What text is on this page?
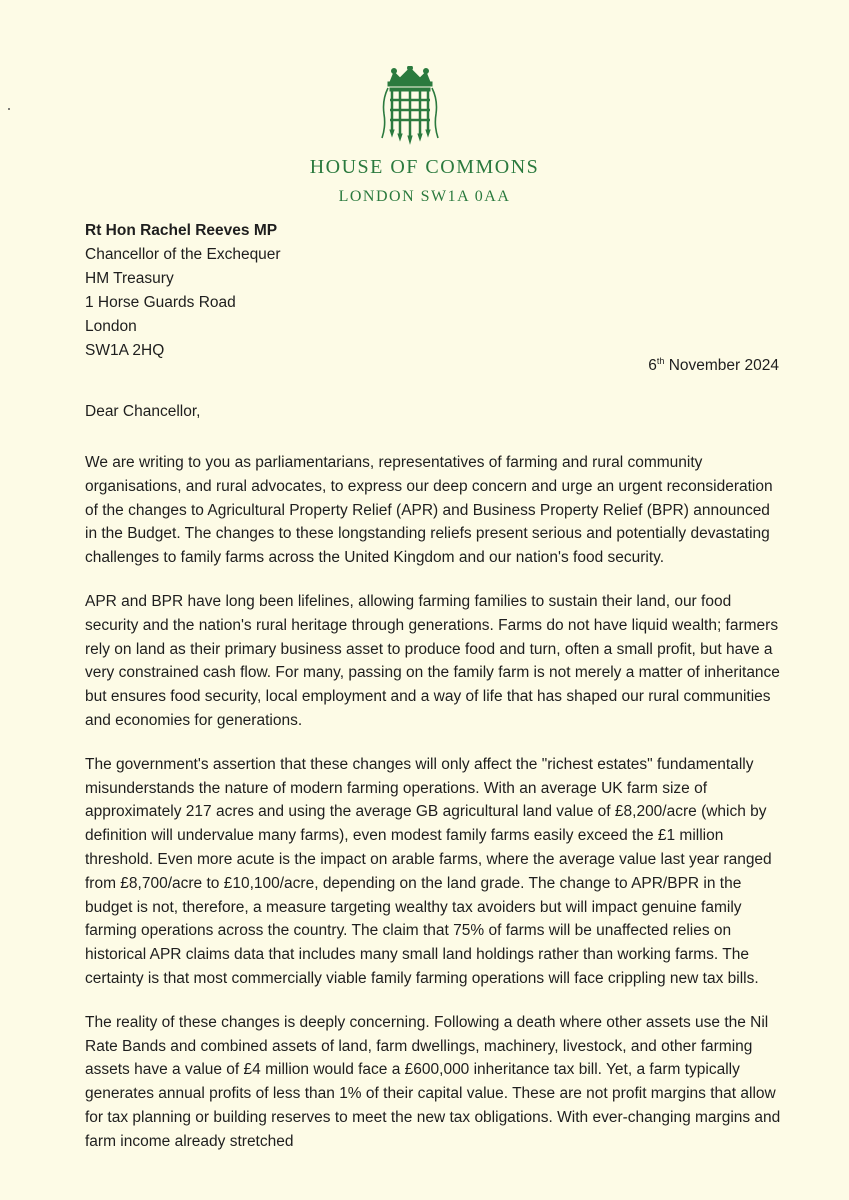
HOUSE OF COMMONS

LONDON SW1A 0AA

Rt Hon Rachel Reeves MP
Chancellor of the Exchequer
HM Treasury
1 Horse Guards Road
London
SW1A 2HQ
6th November 2024
Dear Chancellor,

We are writing to you as parliamentarians, representatives of farming and rural community organisations, and rural advocates, to express our deep concern and urge an urgent reconsideration of the changes to Agricultural Property Relief (APR) and Business Property Relief (BPR) announced in the Budget. The changes to these longstanding reliefs present serious and potentially devastating challenges to family farms across the United Kingdom and our nation's food security.

APR and BPR have long been lifelines, allowing farming families to sustain their land, our food security and the nation's rural heritage through generations. Farms do not have liquid wealth; farmers rely on land as their primary business asset to produce food and turn, often a small profit, but have a very constrained cash flow. For many, passing on the family farm is not merely a matter of inheritance but ensures food security, local employment and a way of life that has shaped our rural communities and economies for generations.

The government's assertion that these changes will only affect the "richest estates" fundamentally misunderstands the nature of modern farming operations. With an average UK farm size of approximately 217 acres and using the average GB agricultural land value of £8,200/acre (which by definition will undervalue many farms), even modest family farms easily exceed the £1 million threshold. Even more acute is the impact on arable farms, where the average value last year ranged from £8,700/acre to £10,100/acre, depending on the land grade. The change to APR/BPR in the budget is not, therefore, a measure targeting wealthy tax avoiders but will impact genuine family farming operations across the country. The claim that 75% of farms will be unaffected relies on historical APR claims data that includes many small land holdings rather than working farms. The certainty is that most commercially viable family farming operations will face crippling new tax bills.

The reality of these changes is deeply concerning. Following a death where other assets use the Nil Rate Bands and combined assets of land, farm dwellings, machinery, livestock, and other farming assets have a value of £4 million would face a £600,000 inheritance tax bill. Yet, a farm typically generates annual profits of less than 1% of their capital value. These are not profit margins that allow for tax planning or building reserves to meet the new tax obligations. With ever-changing margins and farm income already stretched
